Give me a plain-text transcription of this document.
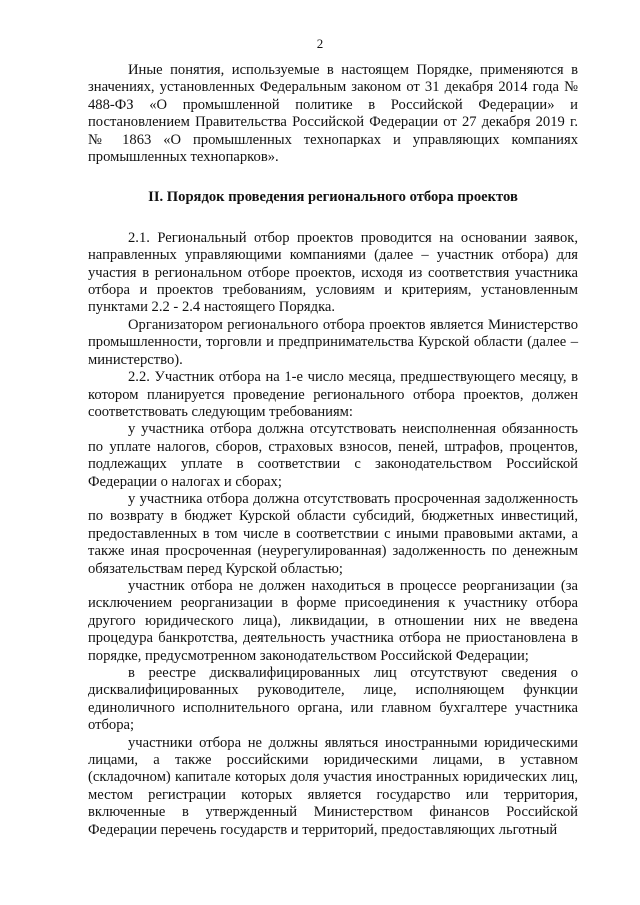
2

Иные понятия, используемые в настоящем Порядке, применяются в значениях, установленных Федеральным законом от 31 декабря 2014 года № 488-ФЗ «О промышленной политике в Российской Федерации» и постановлением Правительства Российской Федерации от 27 декабря 2019 г. № 1863 «О промышленных технопарках и управляющих компаниях промышленных технопарков».

II. Порядок проведения регионального отбора проектов

2.1. Региональный отбор проектов проводится на основании заявок, направленных управляющими компаниями (далее – участник отбора) для участия в региональном отборе проектов, исходя из соответствия участника отбора и проектов требованиям, условиям и критериям, установленным пунктами 2.2 - 2.4 настоящего Порядка.

Организатором регионального отбора проектов является Министерство промышленности, торговли и предпринимательства Курской области (далее – министерство).

2.2. Участник отбора на 1-е число месяца, предшествующего месяцу, в котором планируется проведение регионального отбора проектов, должен соответствовать следующим требованиям:

у участника отбора должна отсутствовать неисполненная обязанность по уплате налогов, сборов, страховых взносов, пеней, штрафов, процентов, подлежащих уплате в соответствии с законодательством Российской Федерации о налогах и сборах;

у участника отбора должна отсутствовать просроченная задолженность по возврату в бюджет Курской области субсидий, бюджетных инвестиций, предоставленных в том числе в соответствии с иными правовыми актами, а также иная просроченная (неурегулированная) задолженность по денежным обязательствам перед Курской областью;

участник отбора не должен находиться в процессе реорганизации (за исключением реорганизации в форме присоединения к участнику отбора другого юридического лица), ликвидации, в отношении них не введена процедура банкротства, деятельность участника отбора не приостановлена в порядке, предусмотренном законодательством Российской Федерации;

в реестре дисквалифицированных лиц отсутствуют сведения о дисквалифицированных руководителе, лице, исполняющем функции единоличного исполнительного органа, или главном бухгалтере участника отбора;

участники отбора не должны являться иностранными юридическими лицами, а также российскими юридическими лицами, в уставном (складочном) капитале которых доля участия иностранных юридических лиц, местом регистрации которых является государство или территория, включенные в утвержденный Министерством финансов Российской Федерации перечень государств и территорий, предоставляющих льготный
